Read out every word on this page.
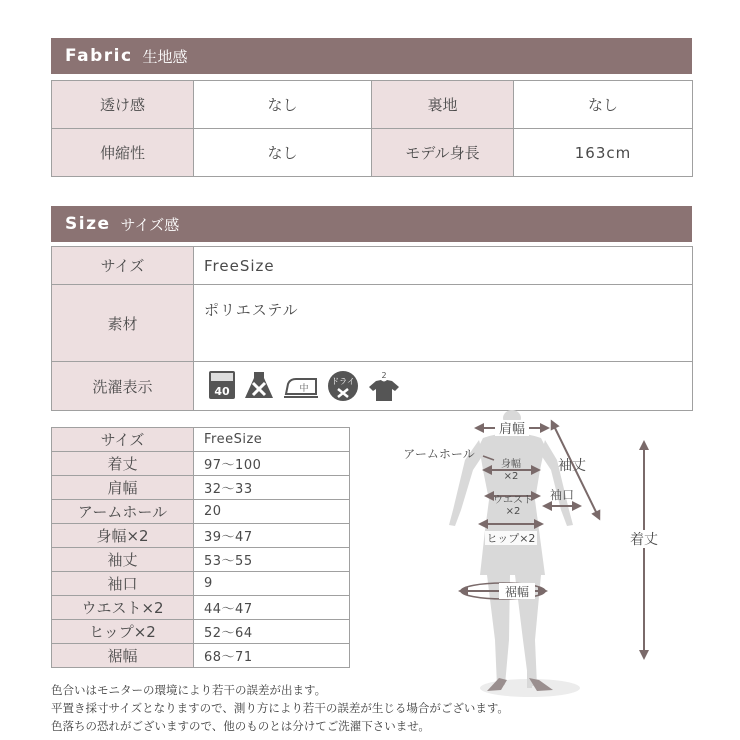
Fabric 生地感
透け感	なし	裏地	なし
伸縮性	なし	モデル身長	163cm
Size サイズ感
サイズ	FreeSize
素材	ポリエステル
洗濯表示	40 中
ドライ
2
サイズ	FreeSize
着丈	97〜100
肩幅	32〜33
アームホール	20
身幅×2	39〜47
袖丈	53〜55
袖口	9
ウエスト×2	44〜47
ヒップ×2	52〜64
裾幅	68〜71
肩幅
アームホール
袖丈
身幅
×2
ウエスト
×2
袖口
ヒップ×2
裾幅
着丈
色合いはモニターの環境により若干の誤差が出ます。
平置き採寸サイズとなりますので、測り方により若干の誤差が生じる場合がございます。
色落ちの恐れがございますので、他のものとは分けてご洗濯下さいませ。
